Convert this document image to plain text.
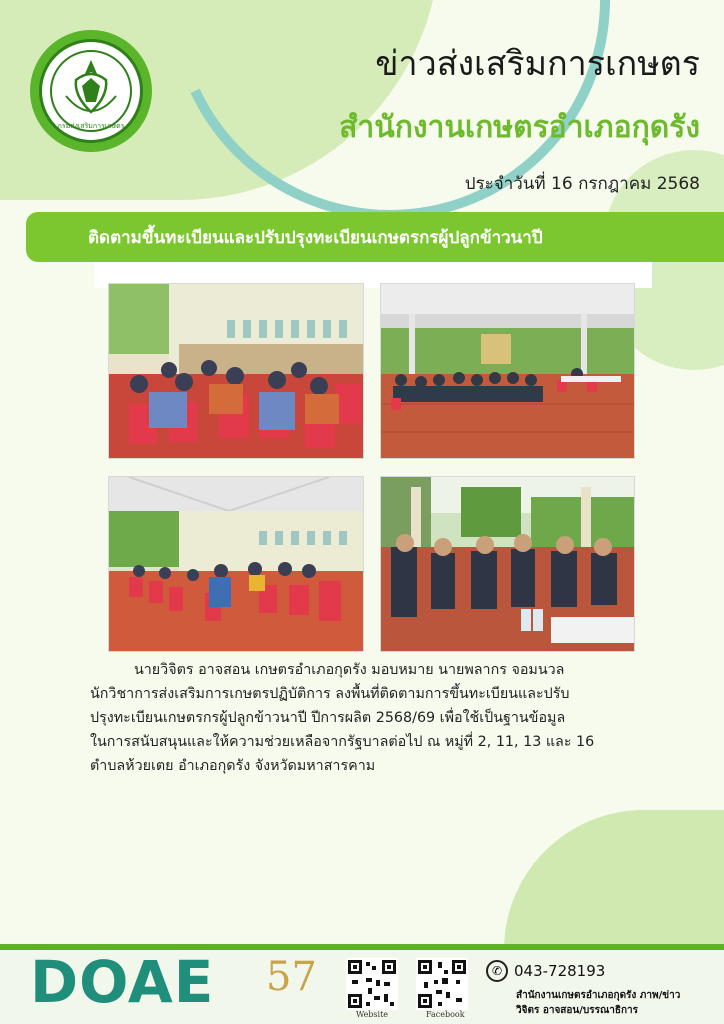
กรมส่งเสริมการเกษตร
ข่าวส่งเสริมการเกษตร
สำนักงานเกษตรอำเภอกุดรัง
ประจำวันที่ 16 กรกฎาคม 2568
ติดตามขึ้นทะเบียนและปรับปรุงทะเบียนเกษตรกรผู้ปลูกข้าวนาปี

นายวิจิตร อาจสอน เกษตรอำเภอกุดรัง มอบหมาย นายพลากร จอมนวล

นักวิชาการส่งเสริมการเกษตรปฏิบัติการ ลงพื้นที่ติดตามการขึ้นทะเบียนและปรับ

ปรุงทะเบียนเกษตรกรผู้ปลูกข้าวนาปี ปีการผลิต 2568/69 เพื่อใช้เป็นฐานข้อมูล

ในการสนับสนุนและให้ความช่วยเหลือจากรัฐบาลต่อไป ณ หมู่ที่ 2, 11, 13 และ 16

ตำบลห้วยเตย อำเภอกุดรัง จังหวัดมหาสารคาม

DOAE 57
Website	Facebook
✆ 043-728193
สำนักงานเกษตรอำเภอกุดรัง ภาพ/ข่าว
วิจิตร อาจสอน/บรรณาธิการ
